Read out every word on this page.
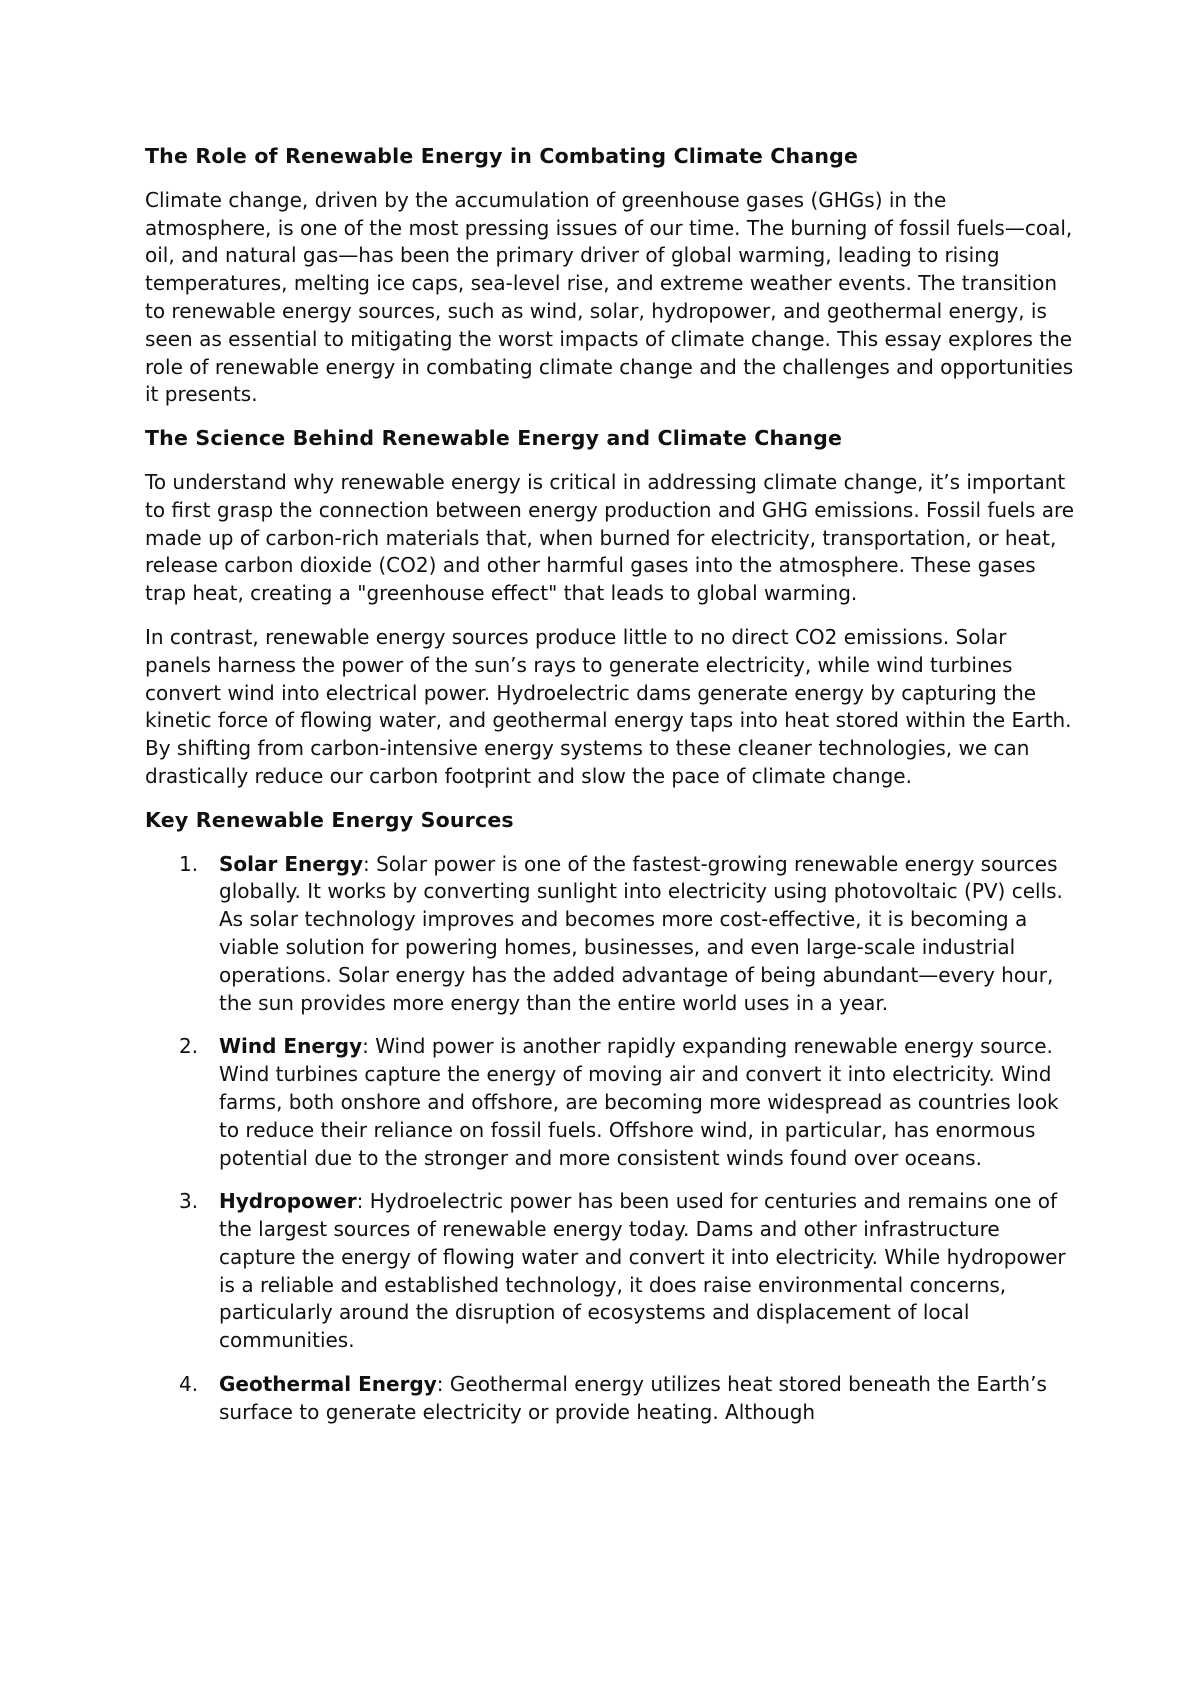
The Role of Renewable Energy in Combating Climate Change

Climate change, driven by the accumulation of greenhouse gases (GHGs) in the atmosphere, is one of the most pressing issues of our time. The burning of fossil fuels—coal, oil, and natural gas—has been the primary driver of global warming, leading to rising temperatures, melting ice caps, sea-level rise, and extreme weather events. The transition to renewable energy sources, such as wind, solar, hydropower, and geothermal energy, is seen as essential to mitigating the worst impacts of climate change. This essay explores the role of renewable energy in combating climate change and the challenges and opportunities it presents.

The Science Behind Renewable Energy and Climate Change

To understand why renewable energy is critical in addressing climate change, it’s important to first grasp the connection between energy production and GHG emissions. Fossil fuels are made up of carbon-rich materials that, when burned for electricity, transportation, or heat, release carbon dioxide (CO2) and other harmful gases into the atmosphere. These gases trap heat, creating a "greenhouse effect" that leads to global warming.

In contrast, renewable energy sources produce little to no direct CO2 emissions. Solar panels harness the power of the sun’s rays to generate electricity, while wind turbines convert wind into electrical power. Hydroelectric dams generate energy by capturing the kinetic force of flowing water, and geothermal energy taps into heat stored within the Earth. By shifting from carbon-intensive energy systems to these cleaner technologies, we can drastically reduce our carbon footprint and slow the pace of climate change.

Key Renewable Energy Sources
1. Solar Energy: Solar power is one of the fastest-growing renewable energy sources globally. It works by converting sunlight into electricity using photovoltaic (PV) cells. As solar technology improves and becomes more cost-effective, it is becoming a viable solution for powering homes, businesses, and even large-scale industrial operations. Solar energy has the added advantage of being abundant—every hour, the sun provides more energy than the entire world uses in a year.
2. Wind Energy: Wind power is another rapidly expanding renewable energy source. Wind turbines capture the energy of moving air and convert it into electricity. Wind farms, both onshore and offshore, are becoming more widespread as countries look to reduce their reliance on fossil fuels. Offshore wind, in particular, has enormous potential due to the stronger and more consistent winds found over oceans.
3. Hydropower: Hydroelectric power has been used for centuries and remains one of the largest sources of renewable energy today. Dams and other infrastructure capture the energy of flowing water and convert it into electricity. While hydropower is a reliable and established technology, it does raise environmental concerns, particularly around the disruption of ecosystems and displacement of local communities.
4. Geothermal Energy: Geothermal energy utilizes heat stored beneath the Earth’s surface to generate electricity or provide heating. Although
